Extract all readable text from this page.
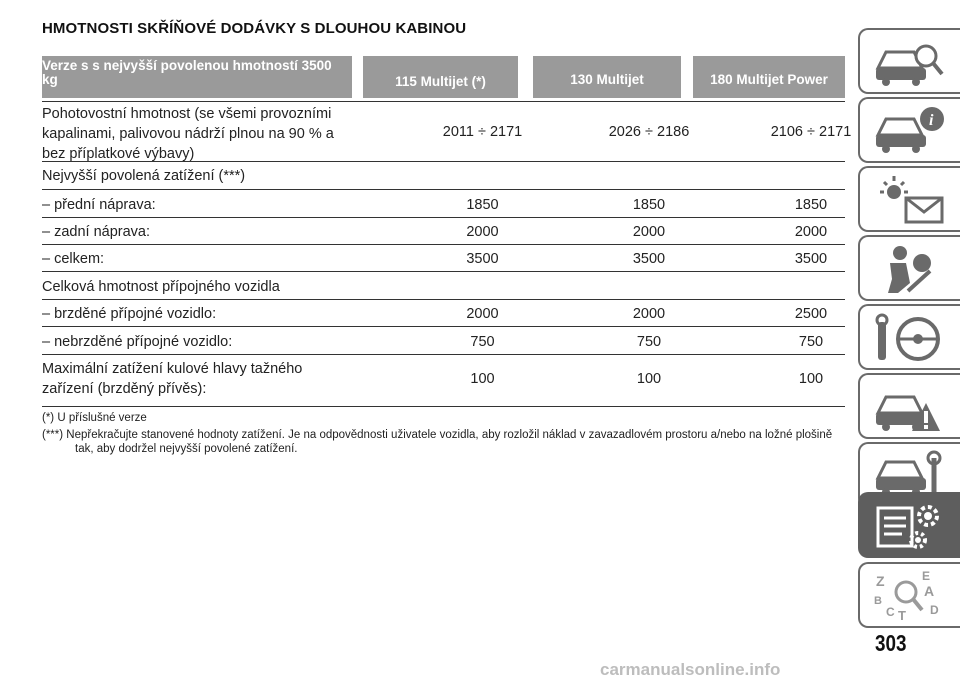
HMOTNOSTI SKŘÍŇOVÉ DODÁVKY S DLOUHOU KABINOU
Verze s s nejvyšší povolenou hmotností 3500 kg	115 Multijet (*)	130 Multijet	180 Multijet Power
Pohotovostní hmotnost (se všemi provozními kapalinami, palivovou nádrží plnou na 90 % a bez příplatkové výbavy)
2011 ÷ 2171	2026 ÷ 2186	2106 ÷ 2171
Nejvyšší povolená zatížení (***)
– přední náprava:	1850	1850	1850
– zadní náprava:	2000	2000	2000
– celkem:	3500	3500	3500
Celková hmotnost přípojného vozidla
– brzděné přípojné vozidlo:	2000	2000	2500
– nebrzděné přípojné vozidlo:	750	750	750
Maximální zatížení kulové hlavy tažného zařízení (brzděný přívěs):
100	100	100
(*) U příslušné verze
(***) Nepřekračujte stanovené hodnoty zatížení. Je na odpovědnosti uživatele vozidla, aby rozložil náklad v zavazadlovém prostoru a/nebo na ložné plošině tak, aby dodržel nejvyšší povolené zatížení.
i
Z	E
A
B
C T D
303
carmanualsonline.info
